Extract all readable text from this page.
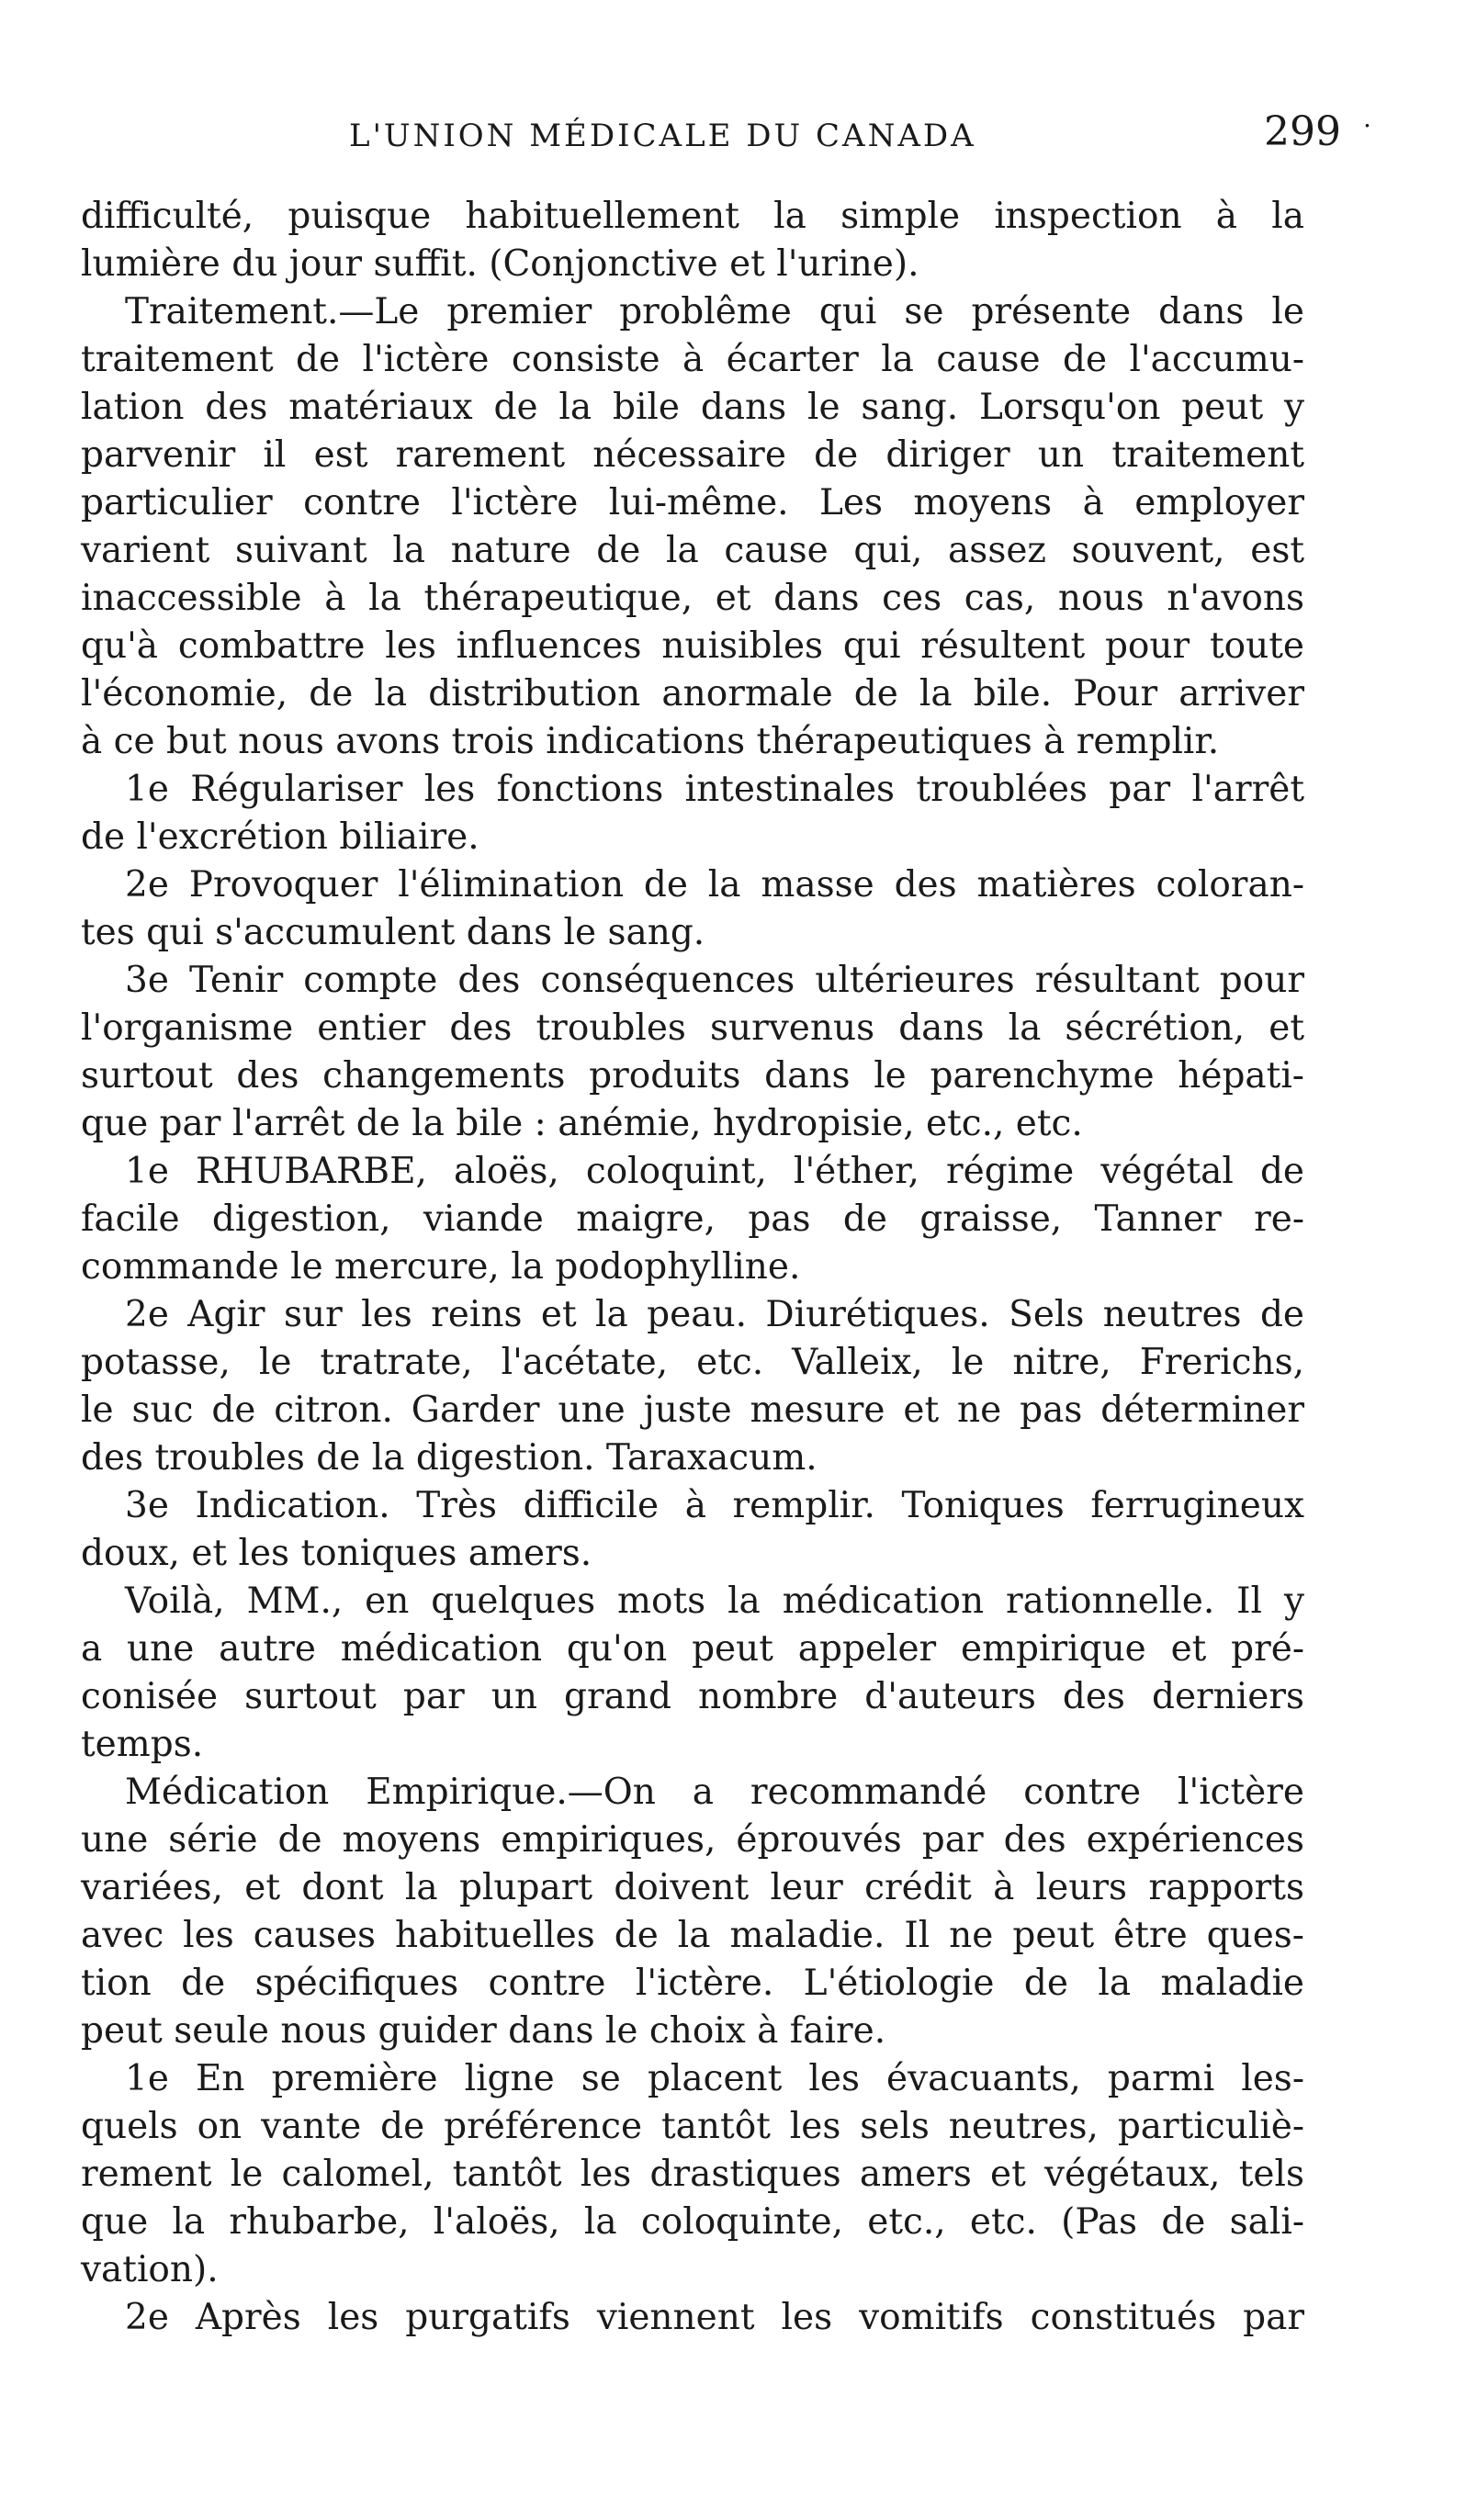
L'UNION MÉDICALE DU CANADA	299 .
difficulté, puisque habituellement la simple inspection à la
lumière du jour suffit. (Conjonctive et l'urine).
Traitement.—Le premier problême qui se présente dans le
traitement de l'ictère consiste à écarter la cause de l'accumu-
lation des matériaux de la bile dans le sang. Lorsqu'on peut y
parvenir il est rarement nécessaire de diriger un traitement
particulier contre l'ictère lui-même. Les moyens à employer
varient suivant la nature de la cause qui, assez souvent, est
inaccessible à la thérapeutique, et dans ces cas, nous n'avons
qu'à combattre les influences nuisibles qui résultent pour toute
l'économie, de la distribution anormale de la bile. Pour arriver
à ce but nous avons trois indications thérapeutiques à remplir.
1e Régulariser les fonctions intestinales troublées par l'arrêt
de l'excrétion biliaire.
2e Provoquer l'élimination de la masse des matières coloran-
tes qui s'accumulent dans le sang.
3e Tenir compte des conséquences ultérieures résultant pour
l'organisme entier des troubles survenus dans la sécrétion, et
surtout des changements produits dans le parenchyme hépati-
que par l'arrêt de la bile : anémie, hydropisie, etc., etc.
1e RHUBARBE, aloës, coloquint, l'éther, régime végétal de
facile digestion, viande maigre, pas de graisse, Tanner re-
commande le mercure, la podophylline.
2e Agir sur les reins et la peau. Diurétiques. Sels neutres de
potasse, le tratrate, l'acétate, etc. Valleix, le nitre, Frerichs,
le suc de citron. Garder une juste mesure et ne pas déterminer
des troubles de la digestion. Taraxacum.
3e Indication. Très difficile à remplir. Toniques ferrugineux
doux, et les toniques amers.
Voilà, MM., en quelques mots la médication rationnelle. Il y
a une autre médication qu'on peut appeler empirique et pré-
conisée surtout par un grand nombre d'auteurs des derniers
temps.
Médication Empirique.—On a recommandé contre l'ictère
une série de moyens empiriques, éprouvés par des expériences
variées, et dont la plupart doivent leur crédit à leurs rapports
avec les causes habituelles de la maladie. Il ne peut être ques-
tion de spécifiques contre l'ictère. L'étiologie de la maladie
peut seule nous guider dans le choix à faire.
1e En première ligne se placent les évacuants, parmi les-
quels on vante de préférence tantôt les sels neutres, particuliè-
rement le calomel, tantôt les drastiques amers et végétaux, tels
que la rhubarbe, l'aloës, la coloquinte, etc., etc. (Pas de sali-
vation).
2e Après les purgatifs viennent les vomitifs constitués par
